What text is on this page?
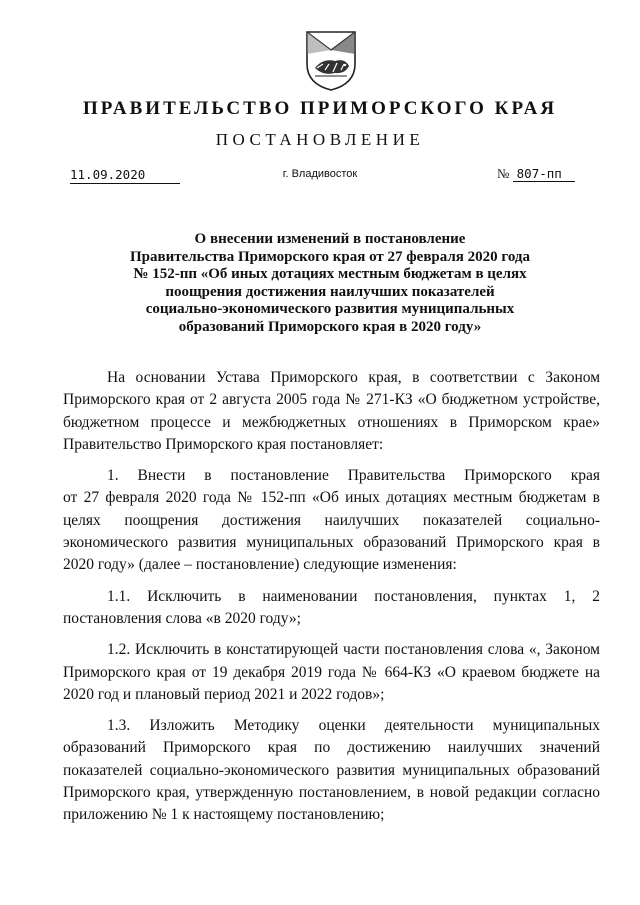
ПРАВИТЕЛЬСТВО ПРИМОРСКОГО КРАЯ
ПОСТАНОВЛЕНИЕ
11.09.2020	г. Владивосток	№ 807-пп
О внесении изменений в постановление
Правительства Приморского края от 27 февраля 2020 года
№ 152-пп «Об иных дотациях местным бюджетам в целях
поощрения достижения наилучших показателей
социально-экономического развития муниципальных
образований Приморского края в 2020 году»
На основании Устава Приморского края, в соответствии с Законом
Приморского края от 2 августа 2005 года № 271-КЗ «О бюджетном устройстве,
бюджетном процессе и межбюджетных отношениях в Приморском крае»
Правительство Приморского края постановляет:
1. Внести в постановление Правительства Приморского края
от 27 февраля 2020 года № 152-пп «Об иных дотациях местным бюджетам в
целях поощрения достижения наилучших показателей социально-
экономического развития муниципальных образований Приморского края в
2020 году» (далее – постановление) следующие изменения:
1.1. Исключить в наименовании постановления, пунктах 1, 2
постановления слова «в 2020 году»;
1.2. Исключить в констатирующей части постановления слова «, Законом
Приморского края от 19 декабря 2019 года № 664-КЗ «О краевом бюджете на
2020 год и плановый период 2021 и 2022 годов»;
1.3. Изложить Методику оценки деятельности муниципальных
образований Приморского края по достижению наилучших значений
показателей социально-экономического развития муниципальных образований
Приморского края, утвержденную постановлением, в новой редакции согласно
приложению № 1 к настоящему постановлению;
